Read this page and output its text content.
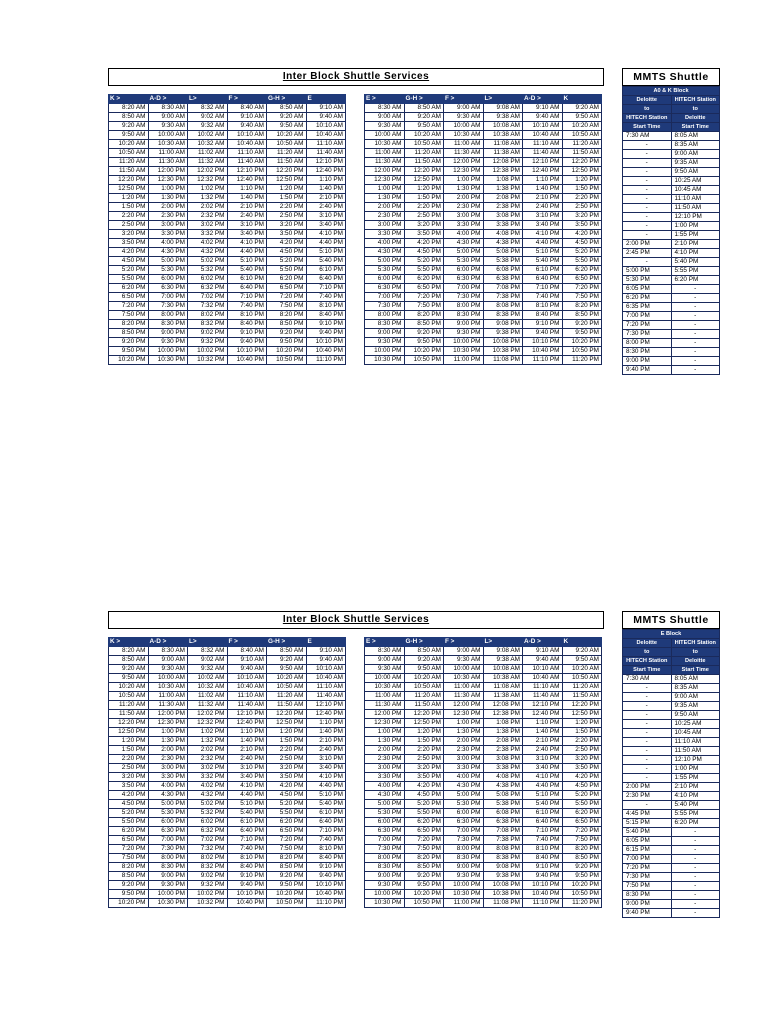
Inter Block Shuttle Services
K >	A-D >	L>	F >	G-H >	E
8:20 AM	8:30 AM	8:32 AM	8:40 AM	8:50 AM	9:10 AM
8:50 AM	9:00 AM	9:02 AM	9:10 AM	9:20 AM	9:40 AM
9:20 AM	9:30 AM	9:32 AM	9:40 AM	9:50 AM	10:10 AM
9:50 AM	10:00 AM	10:02 AM	10:10 AM	10:20 AM	10:40 AM
10:20 AM	10:30 AM	10:32 AM	10:40 AM	10:50 AM	11:10 AM
10:50 AM	11:00 AM	11:02 AM	11:10 AM	11:20 AM	11:40 AM
11:20 AM	11:30 AM	11:32 AM	11:40 AM	11:50 AM	12:10 PM
11:50 AM	12:00 PM	12:02 PM	12:10 PM	12:20 PM	12:40 PM
12:20 PM	12:30 PM	12:32 PM	12:40 PM	12:50 PM	1:10 PM
12:50 PM	1:00 PM	1:02 PM	1:10 PM	1:20 PM	1:40 PM
1:20 PM	1:30 PM	1:32 PM	1:40 PM	1:50 PM	2:10 PM
1:50 PM	2:00 PM	2:02 PM	2:10 PM	2:20 PM	2:40 PM
2:20 PM	2:30 PM	2:32 PM	2:40 PM	2:50 PM	3:10 PM
2:50 PM	3:00 PM	3:02 PM	3:10 PM	3:20 PM	3:40 PM
3:20 PM	3:30 PM	3:32 PM	3:40 PM	3:50 PM	4:10 PM
3:50 PM	4:00 PM	4:02 PM	4:10 PM	4:20 PM	4:40 PM
4:20 PM	4:30 PM	4:32 PM	4:40 PM	4:50 PM	5:10 PM
4:50 PM	5:00 PM	5:02 PM	5:10 PM	5:20 PM	5:40 PM
5:20 PM	5:30 PM	5:32 PM	5:40 PM	5:50 PM	6:10 PM
5:50 PM	6:00 PM	6:02 PM	6:10 PM	6:20 PM	6:40 PM
6:20 PM	6:30 PM	6:32 PM	6:40 PM	6:50 PM	7:10 PM
6:50 PM	7:00 PM	7:02 PM	7:10 PM	7:20 PM	7:40 PM
7:20 PM	7:30 PM	7:32 PM	7:40 PM	7:50 PM	8:10 PM
7:50 PM	8:00 PM	8:02 PM	8:10 PM	8:20 PM	8:40 PM
8:20 PM	8:30 PM	8:32 PM	8:40 PM	8:50 PM	9:10 PM
8:50 PM	9:00 PM	9:02 PM	9:10 PM	9:20 PM	9:40 PM
9:20 PM	9:30 PM	9:32 PM	9:40 PM	9:50 PM	10:10 PM
9:50 PM	10:00 PM	10:02 PM	10:10 PM	10:20 PM	10:40 PM
10:20 PM	10:30 PM	10:32 PM	10:40 PM	10:50 PM	11:10 PM
E >	G-H >	F >	L>	A-D >	K
8:30 AM	8:50 AM	9:00 AM	9:08 AM	9:10 AM	9:20 AM
9:00 AM	9:20 AM	9:30 AM	9:38 AM	9:40 AM	9:50 AM
9:30 AM	9:50 AM	10:00 AM	10:08 AM	10:10 AM	10:20 AM
10:00 AM	10:20 AM	10:30 AM	10:38 AM	10:40 AM	10:50 AM
10:30 AM	10:50 AM	11:00 AM	11:08 AM	11:10 AM	11:20 AM
11:00 AM	11:20 AM	11:30 AM	11:38 AM	11:40 AM	11:50 AM
11:30 AM	11:50 AM	12:00 PM	12:08 PM	12:10 PM	12:20 PM
12:00 PM	12:20 PM	12:30 PM	12:38 PM	12:40 PM	12:50 PM
12:30 PM	12:50 PM	1:00 PM	1:08 PM	1:10 PM	1:20 PM
1:00 PM	1:20 PM	1:30 PM	1:38 PM	1:40 PM	1:50 PM
1:30 PM	1:50 PM	2:00 PM	2:08 PM	2:10 PM	2:20 PM
2:00 PM	2:20 PM	2:30 PM	2:38 PM	2:40 PM	2:50 PM
2:30 PM	2:50 PM	3:00 PM	3:08 PM	3:10 PM	3:20 PM
3:00 PM	3:20 PM	3:30 PM	3:38 PM	3:40 PM	3:50 PM
3:30 PM	3:50 PM	4:00 PM	4:08 PM	4:10 PM	4:20 PM
4:00 PM	4:20 PM	4:30 PM	4:38 PM	4:40 PM	4:50 PM
4:30 PM	4:50 PM	5:00 PM	5:08 PM	5:10 PM	5:20 PM
5:00 PM	5:20 PM	5:30 PM	5:38 PM	5:40 PM	5:50 PM
5:30 PM	5:50 PM	6:00 PM	6:08 PM	6:10 PM	6:20 PM
6:00 PM	6:20 PM	6:30 PM	6:38 PM	6:40 PM	6:50 PM
6:30 PM	6:50 PM	7:00 PM	7:08 PM	7:10 PM	7:20 PM
7:00 PM	7:20 PM	7:30 PM	7:38 PM	7:40 PM	7:50 PM
7:30 PM	7:50 PM	8:00 PM	8:08 PM	8:10 PM	8:20 PM
8:00 PM	8:20 PM	8:30 PM	8:38 PM	8:40 PM	8:50 PM
8:30 PM	8:50 PM	9:00 PM	9:08 PM	9:10 PM	9:20 PM
9:00 PM	9:20 PM	9:30 PM	9:38 PM	9:40 PM	9:50 PM
9:30 PM	9:50 PM	10:00 PM	10:08 PM	10:10 PM	10:20 PM
10:00 PM	10:20 PM	10:30 PM	10:38 PM	10:40 PM	10:50 PM
10:30 PM	10:50 PM	11:00 PM	11:08 PM	11:10 PM	11:20 PM
MMTS Shuttle
A0 & K Block	
Deloitte	HITECH Station
to	to
HITECH Station	Deloitte
Start Time	Start Time
7:30 AM	8:05 AM
-	8:35 AM
-	9:00 AM
-	9:35 AM
-	9:50 AM
-	10:25 AM
-	10:45 AM
-	11:10 AM
-	11:50 AM
-	12:10 PM
-	1:00 PM
-	1:55 PM
2:00 PM	2:10 PM
2:45 PM	4:10 PM
-	5:40 PM
5:00 PM	5:55 PM
5:30 PM	6:20 PM
6:05 PM	-
6:20 PM	-
6:35 PM	-
7:00 PM	-
7:20 PM	-
7:30 PM	-
8:00 PM	-
8:30 PM	-
9:00 PM	-
9:40 PM	-
Inter Block Shuttle Services
K >	A-D >	L>	F >	G-H >	E
8:20 AM	8:30 AM	8:32 AM	8:40 AM	8:50 AM	9:10 AM
8:50 AM	9:00 AM	9:02 AM	9:10 AM	9:20 AM	9:40 AM
9:20 AM	9:30 AM	9:32 AM	9:40 AM	9:50 AM	10:10 AM
9:50 AM	10:00 AM	10:02 AM	10:10 AM	10:20 AM	10:40 AM
10:20 AM	10:30 AM	10:32 AM	10:40 AM	10:50 AM	11:10 AM
10:50 AM	11:00 AM	11:02 AM	11:10 AM	11:20 AM	11:40 AM
11:20 AM	11:30 AM	11:32 AM	11:40 AM	11:50 AM	12:10 PM
11:50 AM	12:00 PM	12:02 PM	12:10 PM	12:20 PM	12:40 PM
12:20 PM	12:30 PM	12:32 PM	12:40 PM	12:50 PM	1:10 PM
12:50 PM	1:00 PM	1:02 PM	1:10 PM	1:20 PM	1:40 PM
1:20 PM	1:30 PM	1:32 PM	1:40 PM	1:50 PM	2:10 PM
1:50 PM	2:00 PM	2:02 PM	2:10 PM	2:20 PM	2:40 PM
2:20 PM	2:30 PM	2:32 PM	2:40 PM	2:50 PM	3:10 PM
2:50 PM	3:00 PM	3:02 PM	3:10 PM	3:20 PM	3:40 PM
3:20 PM	3:30 PM	3:32 PM	3:40 PM	3:50 PM	4:10 PM
3:50 PM	4:00 PM	4:02 PM	4:10 PM	4:20 PM	4:40 PM
4:20 PM	4:30 PM	4:32 PM	4:40 PM	4:50 PM	5:10 PM
4:50 PM	5:00 PM	5:02 PM	5:10 PM	5:20 PM	5:40 PM
5:20 PM	5:30 PM	5:32 PM	5:40 PM	5:50 PM	6:10 PM
5:50 PM	6:00 PM	6:02 PM	6:10 PM	6:20 PM	6:40 PM
6:20 PM	6:30 PM	6:32 PM	6:40 PM	6:50 PM	7:10 PM
6:50 PM	7:00 PM	7:02 PM	7:10 PM	7:20 PM	7:40 PM
7:20 PM	7:30 PM	7:32 PM	7:40 PM	7:50 PM	8:10 PM
7:50 PM	8:00 PM	8:02 PM	8:10 PM	8:20 PM	8:40 PM
8:20 PM	8:30 PM	8:32 PM	8:40 PM	8:50 PM	9:10 PM
8:50 PM	9:00 PM	9:02 PM	9:10 PM	9:20 PM	9:40 PM
9:20 PM	9:30 PM	9:32 PM	9:40 PM	9:50 PM	10:10 PM
9:50 PM	10:00 PM	10:02 PM	10:10 PM	10:20 PM	10:40 PM
10:20 PM	10:30 PM	10:32 PM	10:40 PM	10:50 PM	11:10 PM
E >	G-H >	F >	L>	A-D >	K
8:30 AM	8:50 AM	9:00 AM	9:08 AM	9:10 AM	9:20 AM
9:00 AM	9:20 AM	9:30 AM	9:38 AM	9:40 AM	9:50 AM
9:30 AM	9:50 AM	10:00 AM	10:08 AM	10:10 AM	10:20 AM
10:00 AM	10:20 AM	10:30 AM	10:38 AM	10:40 AM	10:50 AM
10:30 AM	10:50 AM	11:00 AM	11:08 AM	11:10 AM	11:20 AM
11:00 AM	11:20 AM	11:30 AM	11:38 AM	11:40 AM	11:50 AM
11:30 AM	11:50 AM	12:00 PM	12:08 PM	12:10 PM	12:20 PM
12:00 PM	12:20 PM	12:30 PM	12:38 PM	12:40 PM	12:50 PM
12:30 PM	12:50 PM	1:00 PM	1:08 PM	1:10 PM	1:20 PM
1:00 PM	1:20 PM	1:30 PM	1:38 PM	1:40 PM	1:50 PM
1:30 PM	1:50 PM	2:00 PM	2:08 PM	2:10 PM	2:20 PM
2:00 PM	2:20 PM	2:30 PM	2:38 PM	2:40 PM	2:50 PM
2:30 PM	2:50 PM	3:00 PM	3:08 PM	3:10 PM	3:20 PM
3:00 PM	3:20 PM	3:30 PM	3:38 PM	3:40 PM	3:50 PM
3:30 PM	3:50 PM	4:00 PM	4:08 PM	4:10 PM	4:20 PM
4:00 PM	4:20 PM	4:30 PM	4:38 PM	4:40 PM	4:50 PM
4:30 PM	4:50 PM	5:00 PM	5:08 PM	5:10 PM	5:20 PM
5:00 PM	5:20 PM	5:30 PM	5:38 PM	5:40 PM	5:50 PM
5:30 PM	5:50 PM	6:00 PM	6:08 PM	6:10 PM	6:20 PM
6:00 PM	6:20 PM	6:30 PM	6:38 PM	6:40 PM	6:50 PM
6:30 PM	6:50 PM	7:00 PM	7:08 PM	7:10 PM	7:20 PM
7:00 PM	7:20 PM	7:30 PM	7:38 PM	7:40 PM	7:50 PM
7:30 PM	7:50 PM	8:00 PM	8:08 PM	8:10 PM	8:20 PM
8:00 PM	8:20 PM	8:30 PM	8:38 PM	8:40 PM	8:50 PM
8:30 PM	8:50 PM	9:00 PM	9:08 PM	9:10 PM	9:20 PM
9:00 PM	9:20 PM	9:30 PM	9:38 PM	9:40 PM	9:50 PM
9:30 PM	9:50 PM	10:00 PM	10:08 PM	10:10 PM	10:20 PM
10:00 PM	10:20 PM	10:30 PM	10:38 PM	10:40 PM	10:50 PM
10:30 PM	10:50 PM	11:00 PM	11:08 PM	11:10 PM	11:20 PM
MMTS Shuttle
E Block	
Deloitte	HITECH Station
to	to
HITECH Station	Deloitte
Start Time	Start Time
7:30 AM	8:05 AM
-	8:35 AM
-	9:00 AM
-	9:35 AM
-	9:50 AM
-	10:25 AM
-	10:45 AM
-	11:10 AM
-	11:50 AM
-	12:10 PM
-	1:00 PM
-	1:55 PM
2:00 PM	2:10 PM
2:30 PM	4:10 PM
-	5:40 PM
4:45 PM	5:55 PM
5:15 PM	6:20 PM
5:40 PM	-
6:05 PM	-
6:15 PM	-
7:00 PM	-
7:20 PM	-
7:30 PM	-
7:50 PM	-
8:30 PM	-
9:00 PM	-
9:40 PM	-
